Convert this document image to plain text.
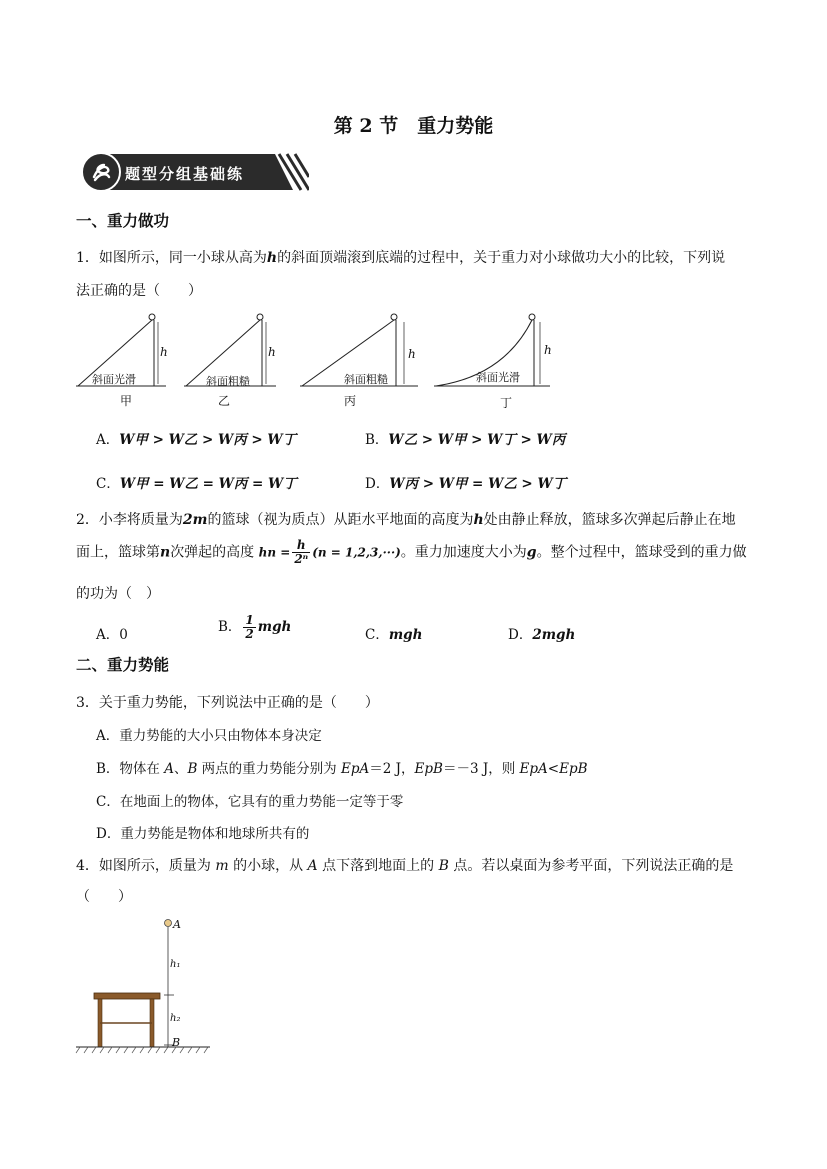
第 2 节　重力势能
题型分组基础练
一、重力做功
1．如图所示，同一小球从高为h的斜面顶端滚到底端的过程中，关于重力对小球做功大小的比较，下列说
法正确的是（　　）
h
斜面光滑
甲
h
斜面粗糙
乙
h
斜面粗糙
丙
h
斜面光滑
丁
A．W甲 > W乙 > W丙 > W丁	B．W乙 > W甲 > W丁 > W丙
C．W甲 = W乙 = W丙 = W丁	D．W丙 > W甲 = W乙 > W丁
2．小李将质量为2m的篮球（视为质点）从距水平地面的高度为h处由静止释放，篮球多次弹起后静止在地
面上，篮球第n次弹起的高度 hn = $\frac{h}{\text{2ⁿ}} (n = 1,2,3,\cdot\cdot\cdot)$。重力加速度大小为g。整个过程中，篮球受到的重力做
的功为（　）
A．0	B． $\frac{1}{2}$ mgh	C．mgh	D．2mgh
二、重力势能
3．关于重力势能，下列说法中正确的是（　　）
A．重力势能的大小只由物体本身决定
B．物体在 A、B 两点的重力势能分别为 EpA＝2 J，EpB＝－3 J，则 EpA<EpB
C．在地面上的物体，它具有的重力势能一定等于零
D．重力势能是物体和地球所共有的
4．如图所示，质量为 m 的小球，从 A 点下落到地面上的 B 点。若以桌面为参考平面，下列说法正确的是
（　　）
A
h₁
h₂
B
